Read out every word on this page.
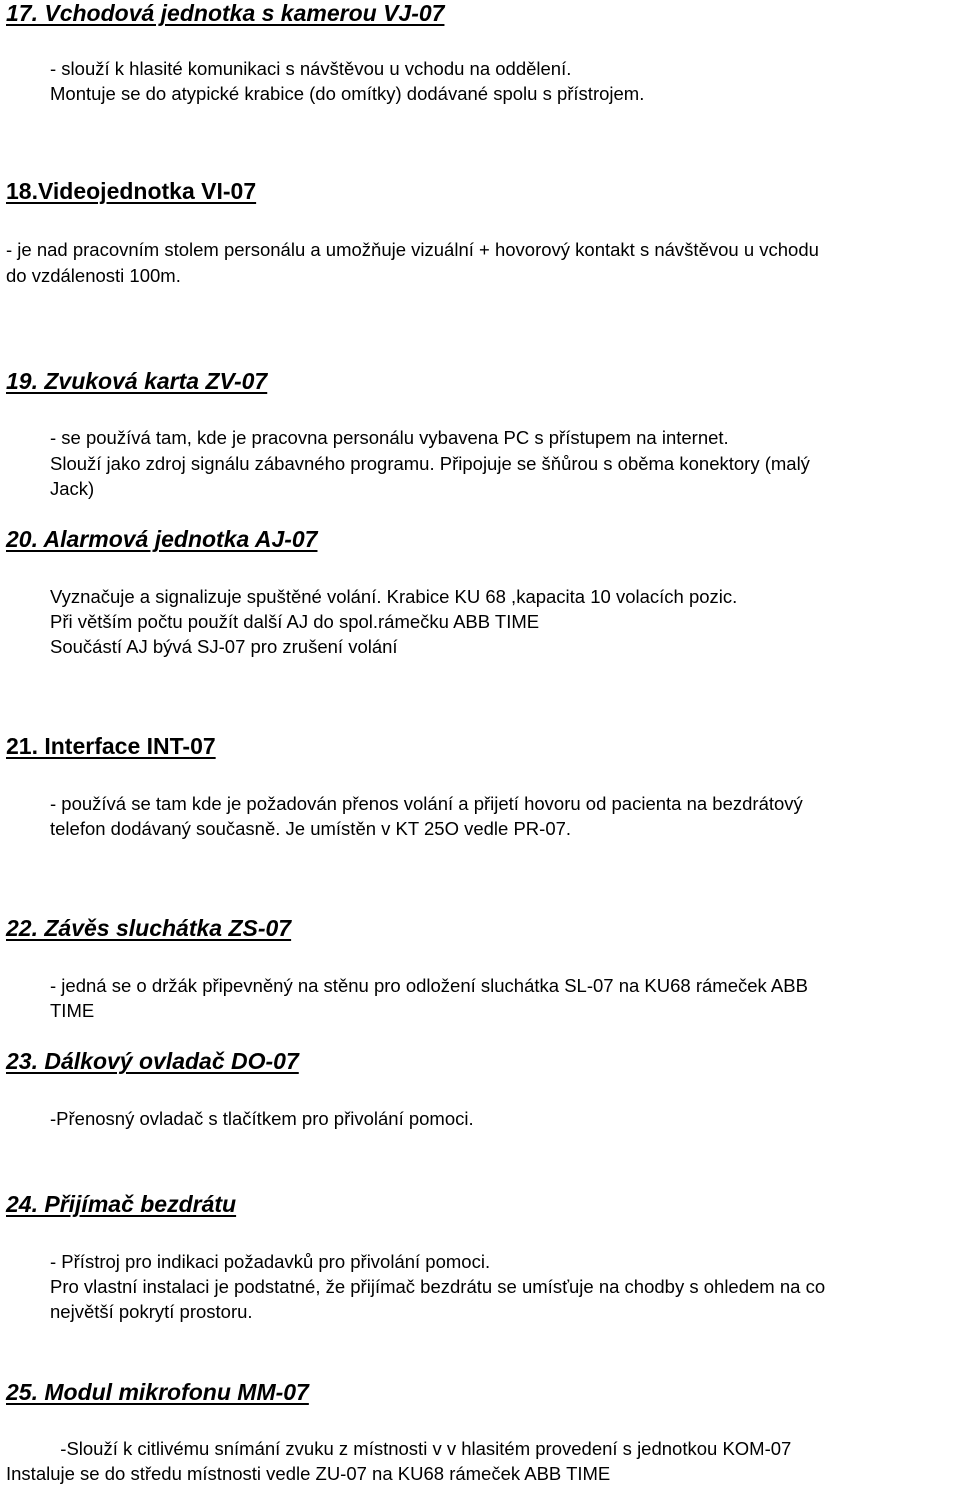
17. Vchodová jednotka s kamerou VJ-07
- slouží k hlasité komunikaci s návštěvou u vchodu na oddělení.
Montuje se do atypické krabice (do omítky) dodávané spolu s přístrojem.
18.Videojednotka VI-07
- je nad pracovním stolem personálu a umožňuje vizuální + hovorový kontakt s návštěvou u vchodu
do vzdálenosti 100m.
19. Zvuková karta ZV-07
- se používá tam, kde je pracovna personálu vybavena PC s přístupem na internet.
Slouží jako zdroj signálu zábavného programu. Připojuje se šňůrou s oběma konektory (malý
Jack)
20. Alarmová jednotka AJ-07
Vyznačuje a signalizuje spuštěné volání. Krabice KU 68 ,kapacita 10 volacích pozic.
Při větším počtu použít další AJ do spol.rámečku ABB TIME
Součástí AJ bývá SJ-07 pro zrušení volání
21. Interface INT-07
- používá se tam kde je požadován přenos volání a přijetí hovoru od pacienta na bezdrátový
telefon dodávaný současně. Je umístěn v KT 25O vedle PR-07.
22. Závěs sluchátka ZS-07
- jedná se o držák připevněný na stěnu pro odložení sluchátka SL-07 na KU68 rámeček ABB
TIME
23. Dálkový ovladač DO-07
-Přenosný ovladač s tlačítkem pro přivolání pomoci.
24. Přijímač bezdrátu
- Přístroj pro indikaci požadavků pro přivolání pomoci.
Pro vlastní instalaci je podstatné, že přijímač bezdrátu se umísťuje na chodby s ohledem na co
největší pokrytí prostoru.
25. Modul mikrofonu MM-07
-Slouží k citlivému snímání zvuku z místnosti v v hlasitém provedení s jednotkou KOM-07
Instaluje se do středu místnosti vedle ZU-07 na KU68 rámeček ABB TIME
